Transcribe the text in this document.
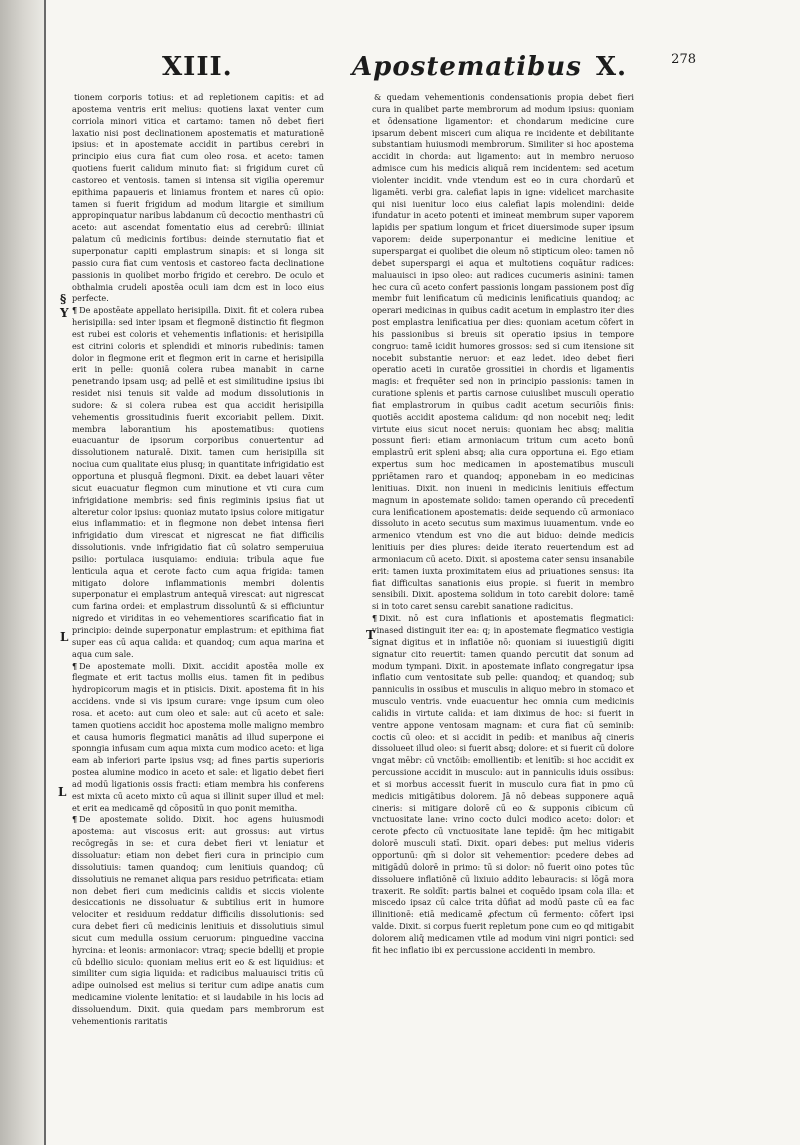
XIII.	Apostematibus X.	278
§
Y
L
L
T

tionem corporis totius: et ad repletionem capitis: et ad apostema ventris erit melius: quotiens laxat venter cum corriola minori vitica et cartamo: tamen nō debet fieri laxatio nisi post declinationem apostematis et maturationē ipsius: et in apostemate accidit in partibus cerebri in principio eius cura fiat cum oleo rosa. et aceto: tamen quotiens fuerit calidum minuto fiat: si frigidum curet cū castoreo et ventosis. tamen si intensa sit vigilia operemur epithima papaueris et liniamus frontem et nares cū opio: tamen si fuerit frigidum ad modum litargie et similium appropinquatur naribus labdanum cū decoctio menthastri cū aceto: aut ascendat fomentatio eius ad cerebrū: illiniat palatum cū medicinis fortibus: deinde sternutatio fiat et superponatur capiti emplastrum sinapis: et si longa sit passio cura fiat cum ventosis et castoreo facta declinatione passionis in quolibet morbo frigido et cerebro. De oculo et obthalmia crudeli apostēa oculi iam dcm est in loco eius perfecte.

¶ De apostēate appellato herisipilla. Dixit. fit et colera rubea herisipilla: sed inter ipsam et flegmonē distinctio fit flegmon est rubei est coloris et vehementis inflationis: et herisipilla est citrini coloris et splendidi et minoris rubedinis: tamen dolor in flegmone erit et flegmon erit in carne et herisipilla erit in pelle: quoniā colera rubea manabit in carne penetrando ipsam usq; ad pellē et est similitudine ipsius ibi residet nisi tenuis sit valde ad modum dissolutionis in sudore: & si colera rubea est qua accidit herisipilla vehementis grossitudinis fuerit excoriabit pellem. Dixit. membra laborantium his apostematibus: quotiens euacuantur de ipsorum corporibus conuertentur ad dissolutionem naturalē. Dixit. tamen cum herisipilla sit nociua cum qualitate eius plusq; in quantitate infrigidatio est opportuna et plusquā flegmoni. Dixit. ea debet lauari vēter sicut euacuatur flegmon cum minutione et vti cura cum infrigidatione membris: sed finis regiminis ipsius fiat ut alteretur color ipsius: quoniaz mutato ipsius colore mitigatur eius inflammatio: et in flegmone non debet intensa fieri infrigidatio dum virescat et nigrescat ne fiat difficilis dissolutionis. vnde infrigidatio fiat cū solatro semperuiua psilio: portulaca iusquiamo: endiuia: tribula aque fue lenticula aqua et cerote facto cum aqua frigida: tamen mitigato dolore inflammationis membri dolentis superponatur ei emplastrum antequā virescat: aut nigrescat cum farina ordei: et emplastrum dissoluntū & si efficiuntur nigredo et viriditas in eo vehementiores scarificatio fiat in principio: deinde superponatur emplastrum: et epithima fiat super eas cū aqua calida: et quandoq; cum aqua marina et aqua cum sale.

¶ De apostemate molli. Dixit. accidit apostēa molle ex flegmate et erit tactus mollis eius. tamen fit in pedibus hydropicorum magis et in ptisicis. Dixit. apostema fit in his accidens. vnde si vis ipsum curare: vnge ipsum cum oleo rosa. et aceto: aut cum oleo et sale: aut cū aceto et sale: tamen quotiens accidit hoc apostema molle maligno membro et causa humoris flegmatici manātis ad illud superpone ei sponngia infusam cum aqua mixta cum modico aceto: et liga eam ab inferiori parte ipsius vsq; ad fines partis superioris postea alumine modico in aceto et sale: et ligatio debet fieri ad modū ligationis ossis fracti: etiam membra his conferens est mixta cū aceto mixto cū aqua si illinit super illud et mel: et erit ea medicamē qd cōpositū in quo ponit memitha.

¶ De apostemate solido. Dixit. hoc agens huiusmodi apostema: aut viscosus erit: aut grossus: aut virtus recōgregās in se: et cura debet fieri vt leniatur et dissoluatur: etiam non debet fieri cura in principio cum dissolutiuis: tamen quandoq; cum lenitiuis quandoq; cū dissolutiuis ne remanet aliqua pars residuo petrificata: etiam non debet fieri cum medicinis calidis et siccis violente desiccationis ne dissoluatur & subtilius erit in humore velociter et residuum reddatur difficilis dissolutionis: sed cura debet fieri cū medicinis lenitiuis et dissolutiuis simul sicut cum medulla ossium ceruorum: pinguedine vaccina hyrcina: et leonis: armoniacor: vtraq; specie bdellij et propie cū bdellio siculo: quoniam melius erit eo & est liquidius: et similiter cum sigia liquida: et radicibus maluauisci tritis cū adipe ouinolsed est melius si teritur cum adipe anatis cum medicamine violente lenitatio: et si laudabile in his locis ad dissoluendum. Dixit. quia quedam pars membrorum est vehementionis raritatis

& quedam vehementionis condensationis propia debet fieri cura in qualibet parte membrorum ad modum ipsius: quoniam et ōdensatione ligamentor: et chondarum medicine cure ipsarum debent misceri cum aliqua re incidente et debilitante substantiam huiusmodi membrorum. Similiter si hoc apostema accidit in chorda: aut ligamento: aut in membro neruoso admisce cum his medicis aliquā rem incidentem: sed acetum violenter incidit. vnde vtendum est eo in cura chordarū et ligamēti. verbi gra. calefiat lapis in igne: videlicet marchasite qui nisi iuenitur loco eius calefiat lapis molendini: deide ifundatur in aceto potenti et imineat membrum super vaporem lapidis per spatium longum et fricet diuersimode super ipsum vaporem: deide superponantur ei medicine lenitiue et superspargat ei quolibet die oleum nō stipticum oleo: tamen nō debet superspargi ei aqua et multotiens coquātur radices: maluauisci in ipso oleo: aut radices cucumeris asinini: tamen hec cura cū aceto confert passionis longam passionem post dīg membr fuit lenificatum cū medicinis lenificatiuis quandoq; ac operari medicinas in quibus cadit acetum in emplastro iter dies post emplastra lenificatiua per dies: quoniam acetum cōfert in his passionibus si breuis sit operatio ipsius in tempore congruo: tamē icidit humores grossos: sed si cum itensione sit nocebit substantie neruor: et eaz ledet. ideo debet fieri operatio aceti in curatōe grossitiei in chordis et ligamentis magis: et frequēter sed non in principio passionis: tamen in curatione splenis et partis carnose cuiuslibet musculi operatio fiat emplastrorum in quibus cadit acetum securiōis finis: quotiēs accidit apostema calidum: qd non nocebit neq; ledit virtute eius sicut nocet neruis: quoniam hec absq; malitia possunt fieri: etiam armoniacum tritum cum aceto bonū emplastrū erit spleni absq; alia cura opportuna ei. Ego etiam expertus sum hoc medicamen in apostematibus musculi ppriētamen raro et quandoq; apponebam in eo medicinas lenitiuas. Dixit. non inueni in medicinis lenitiuis effectum magnum in apostemate solido: tamen operando cū precedentī cura lenificationem apostematis: deide sequendo cū armoniaco dissoluto in aceto secutus sum maximus iuuamentum. vnde eo armenico vtendum est vno die aut biduo: deinde medicis lenitiuis per dies plures: deide iterato reuertendum est ad armoniacum cū aceto. Dixit. si apostema cater sensu insanabile erit: tamen iuxta proximitatem eius ad priuationes sensus: ita fiat difficultas sanationis eius propie. si fuerit in membro sensibili. Dixit. apostema solidum in toto carebit dolore: tamē si in toto caret sensu carebit sanatione radicitus.

¶ Dixit. nō est cura inflationis et apostematis flegmatici: vinased distinguit iter ea: q; in apostemate flegmatico vestigia signat digitus et in inflatiōe nō: quoniam si iuuestigiū digiti signatur cito reuertit: tamen quando percutit dat sonum ad modum tympani. Dixit. in apostemate inflato congregatur ipsa inflatio cum ventositate sub pelle: quandoq; et quandoq; sub panniculis in ossibus et musculis in aliquo mebro in stomaco et musculo ventris. vnde euacuentur hec omnia cum medicinis calidis in virtute calida: et iam diximus de hoc: si fuerit in ventre appone ventosam magnam: et cura fiat cū seminib: coctis cū oleo: et si accidit in pedib: et manibus aq̄ cineris dissolueet illud oleo: si fuerit absq; dolore: et si fuerit cū dolore vngat mēbr: cū vnctōib: emollientib: et lenitīb: si hoc accidit ex percussione accidit in musculo: aut in panniculis iduis ossibus: et si morbus accessit fuerit in musculo cura fiat in pmo cū medicis mitigātibus dolorem. Jā nō debeas supponere aquā cineris: si mitigare dolorē cū eo & supponis cibicum cū vnctuositate lane: vrino cocto dulci modico aceto: dolor: et cerote ꝑfecto cū vnctuositate lane tepidē: q̄m hec mitigabit dolorē musculi statī. Dixit. opari debes: put melius videris opportunū: qm̄ si dolor sit vehementior: pcedere debes ad mitigādū dolorē in primo: tū si dolor: nō fuerit oino potes tūc dissoluere inflatiōnē cū lixiuio addito lebauracis: si lōgā mora traxerit. Re soldīt: partis balnei et coquēdo ipsam cola illa: et miscedo ipsaz cū calce trita dūfiat ad modū paste cū ea fac illinitionē: etiā medicamē ꝓfectum cū fermento: cōfert ipsi valde. Dixit. si corpus fuerit repletum pone cum eo qd mitigabit dolorem aliq̄ medicamen vtile ad modum vini nigri pontici: sed fit hec inflatio ibi ex percussione accidenti in membro.
